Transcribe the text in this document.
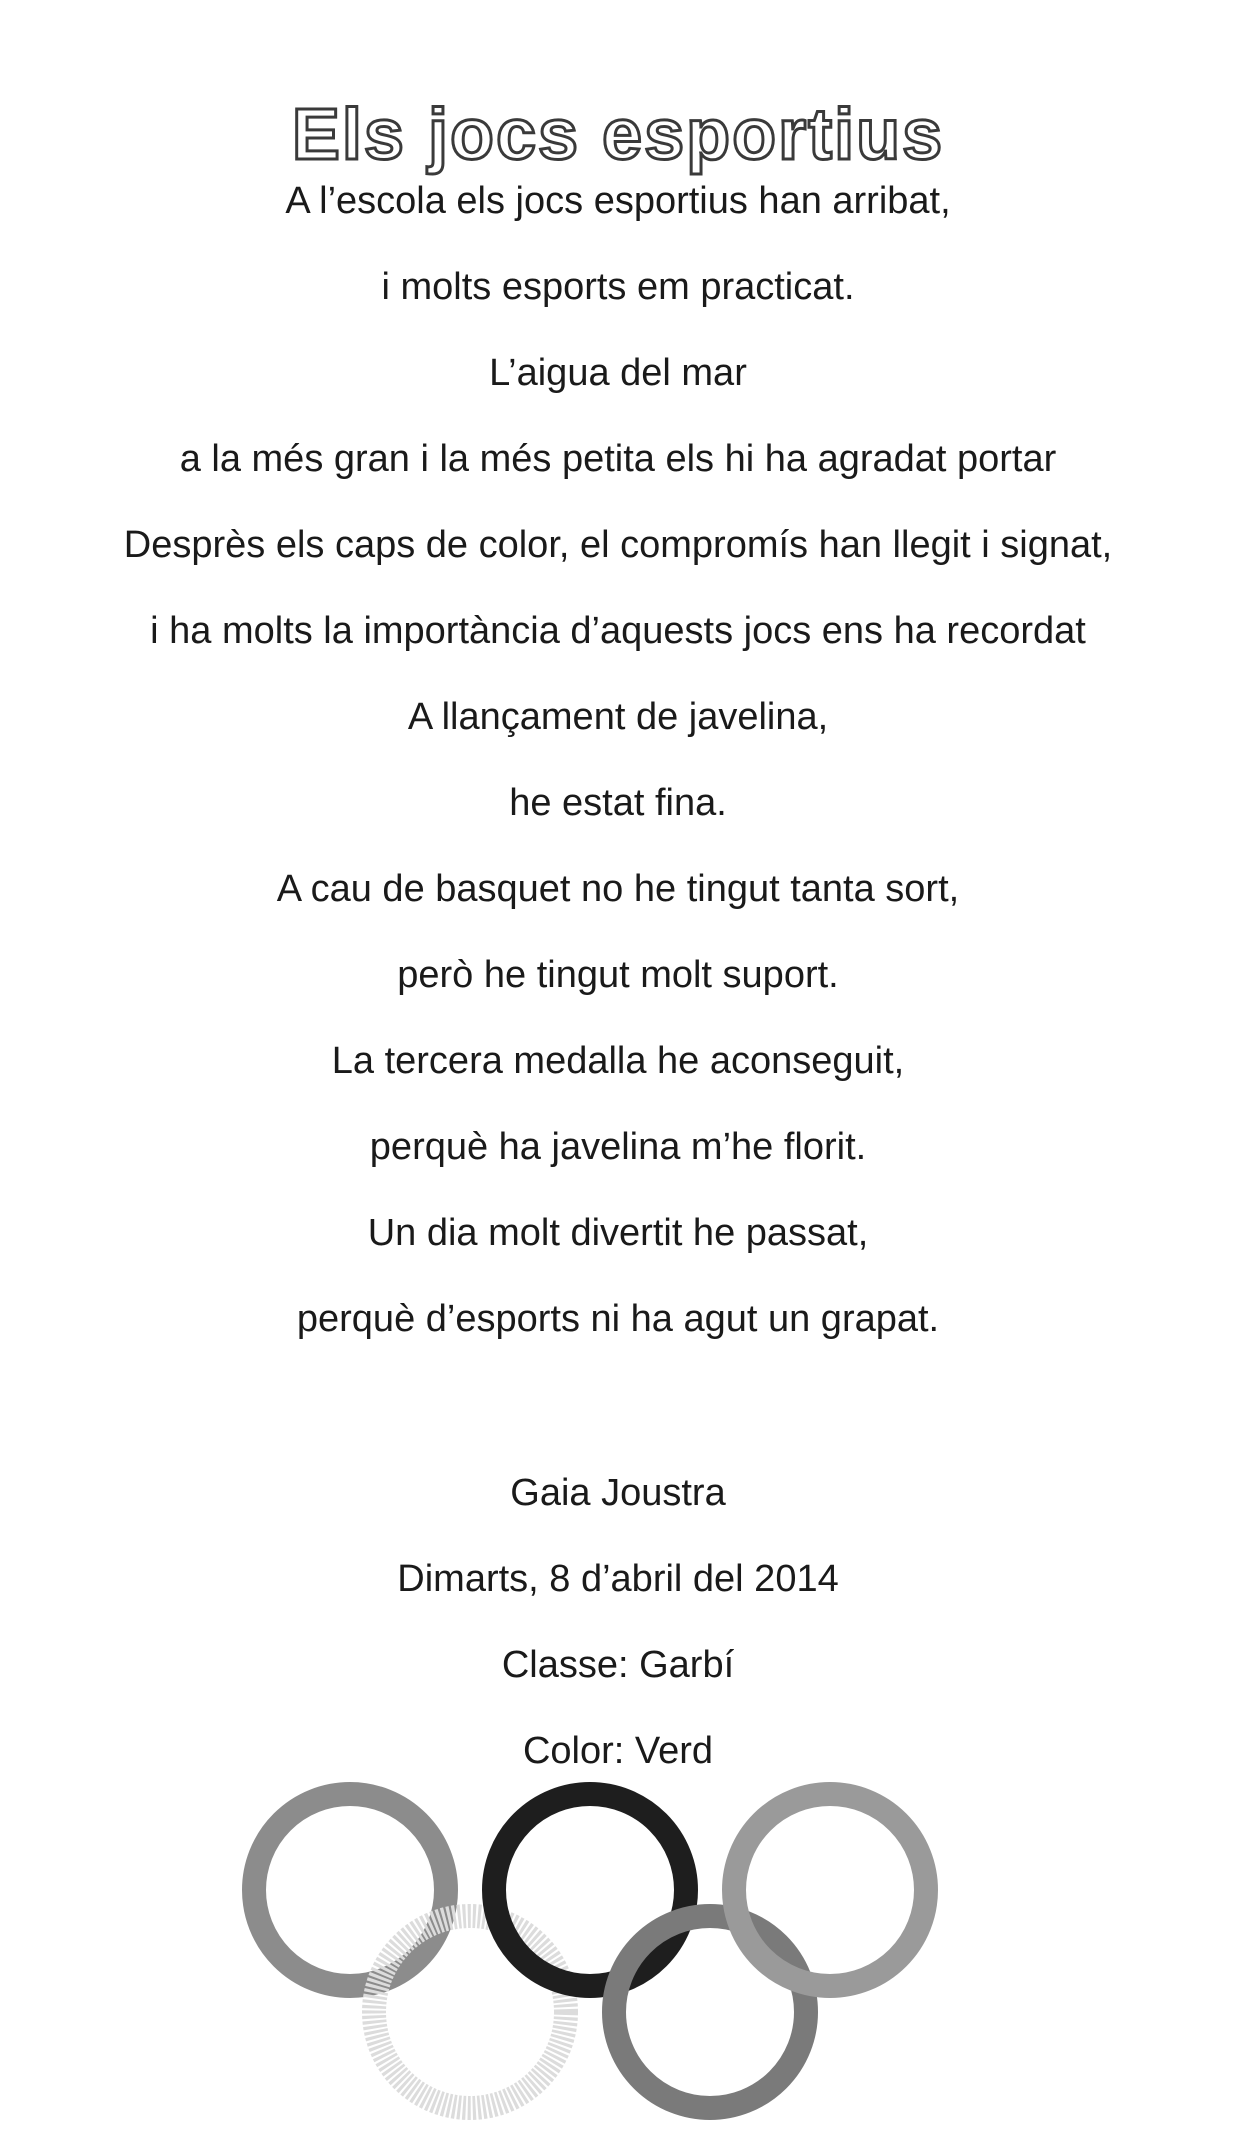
Els jocs esportius
A l’escola els jocs esportius han arribat,
i molts esports em practicat.
L’aigua del mar
a la més gran i la més petita els hi ha agradat portar
Desprès els caps de color, el compromís han llegit i signat,
i ha molts la importància d’aquests jocs ens ha recordat
A llançament de javelina,
he estat fina.
A cau de basquet no he tingut tanta sort,
però he tingut molt suport.
La tercera medalla he aconseguit,
perquè ha javelina m’he florit.
Un dia molt divertit he passat,
perquè d’esports ni ha agut un grapat.
Gaia Joustra
Dimarts, 8 d’abril del 2014
Classe: Garbí
Color: Verd
